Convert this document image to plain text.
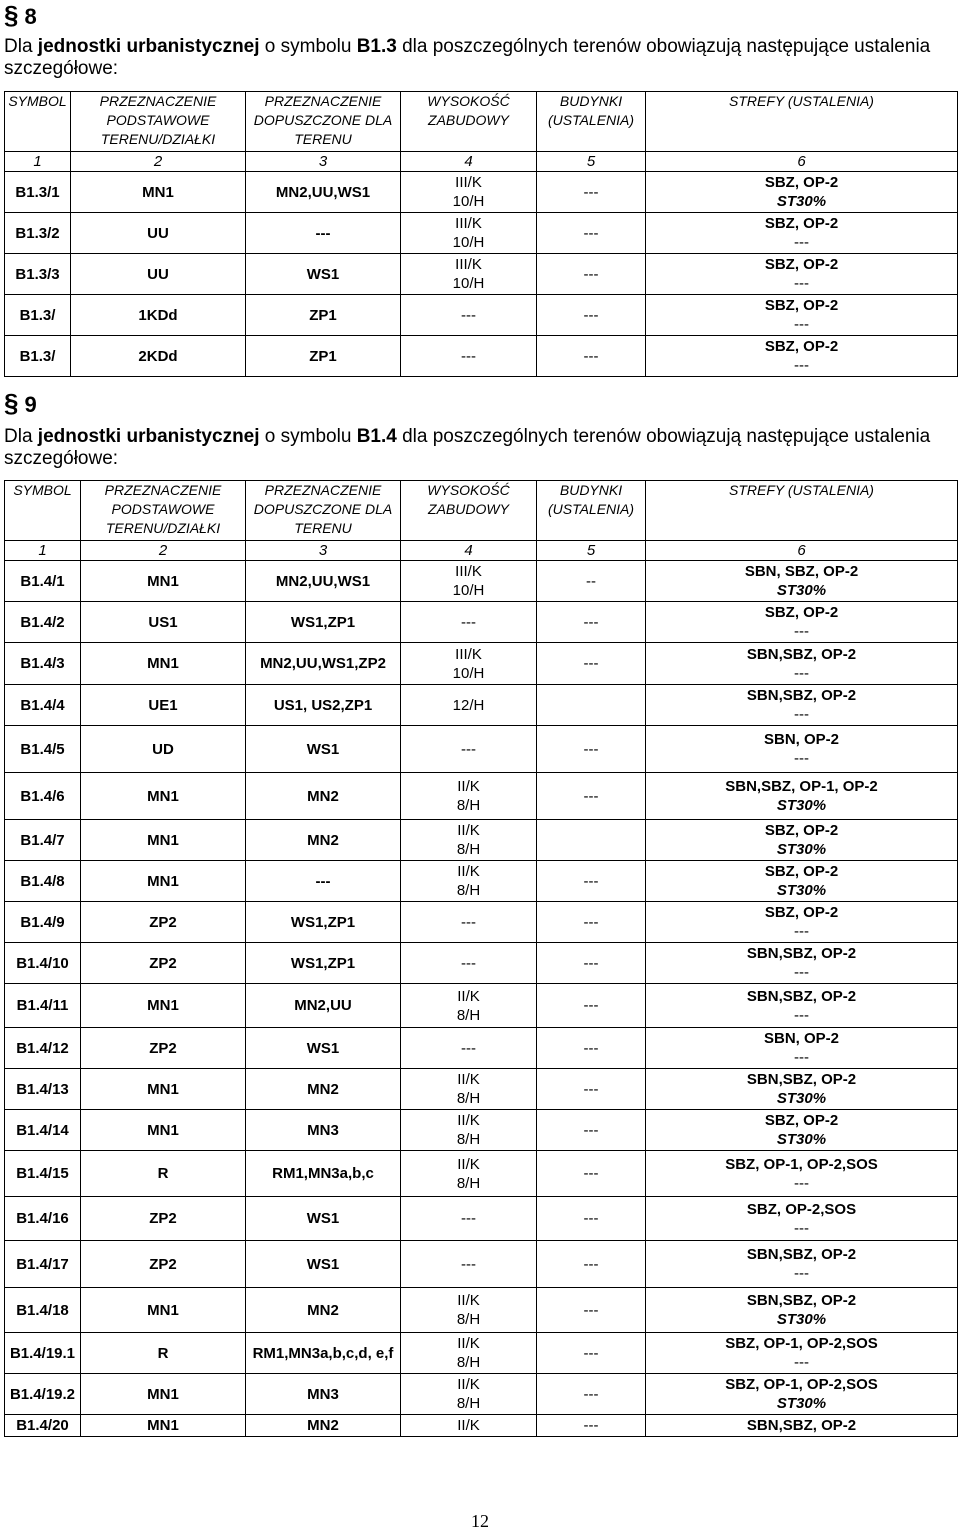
§ 8
Dla jednostki urbanistycznej o symbolu B1.3 dla poszczególnych terenów obowiązują następujące ustalenia szczegółowe:
SYMBOL	PRZEZNACZENIE
PODSTAWOWE
TERENU/DZIAŁKI	PRZEZNACZENIE
DOPUSZCZONE DLA
TERENU	WYSOKOŚĆ
ZABUDOWY	BUDYNKI
(USTALENIA)	STREFY (USTALENIA)
1	2	3	4	5	6
B1.3/1	MN1	MN2,UU,WS1	III/K
10/H	---	SBZ, OP-2
ST30%

B1.3/2	UU	---	III/K
10/H	---	SBZ, OP-2
---

B1.3/3	UU	WS1	III/K
10/H	---	SBZ, OP-2
---

B1.3/	1KDd	ZP1	---	---	SBZ, OP-2
---

B1.3/	2KDd	ZP1	---	---	SBZ, OP-2
---
§ 9
Dla jednostki urbanistycznej o symbolu B1.4 dla poszczególnych terenów obowiązują następujące ustalenia szczegółowe:
SYMBOL	PRZEZNACZENIE
PODSTAWOWE
TERENU/DZIAŁKI	PRZEZNACZENIE
DOPUSZCZONE DLA
TERENU	WYSOKOŚĆ
ZABUDOWY	BUDYNKI
(USTALENIA)	STREFY (USTALENIA)
1	2	3	4	5	6
B1.4/1	MN1	MN2,UU,WS1	III/K
10/H	--	SBN, SBZ, OP-2
ST30%

B1.4/2	US1	WS1,ZP1	---	---	SBZ, OP-2
---

B1.4/3	MN1	MN2,UU,WS1,ZP2	III/K
10/H	---	SBN,SBZ, OP-2
---

B1.4/4	UE1	US1, US2,ZP1	12/H		SBN,SBZ, OP-2
---

B1.4/5	UD	WS1	---	---	SBN, OP-2
---

B1.4/6	MN1	MN2	II/K
8/H	---	SBN,SBZ, OP-1, OP-2
ST30%

B1.4/7	MN1	MN2	II/K
8/H		SBZ, OP-2
ST30%

B1.4/8	MN1	---	II/K
8/H	---	SBZ, OP-2
ST30%

B1.4/9	ZP2	WS1,ZP1	---	---	SBZ, OP-2
---

B1.4/10	ZP2	WS1,ZP1	---	---	SBN,SBZ, OP-2
---

B1.4/11	MN1	MN2,UU	II/K
8/H	---	SBN,SBZ, OP-2
---

B1.4/12	ZP2	WS1	---	---	SBN, OP-2
---

B1.4/13	MN1	MN2	II/K
8/H	---	SBN,SBZ, OP-2
ST30%

B1.4/14	MN1	MN3	II/K
8/H	---	SBZ, OP-2
ST30%

B1.4/15	R	RM1,MN3a,b,c	II/K
8/H	---	SBZ, OP-1, OP-2,SOS
---

B1.4/16	ZP2	WS1	---	---	SBZ, OP-2,SOS
---

B1.4/17	ZP2	WS1	---	---	SBN,SBZ, OP-2
---

B1.4/18	MN1	MN2	II/K
8/H	---	SBN,SBZ, OP-2
ST30%

B1.4/19.1	R	RM1,MN3a,b,c,d, e,f	II/K
8/H	---	SBZ, OP-1, OP-2,SOS
---

B1.4/19.2	MN1	MN3	II/K
8/H	---	SBZ, OP-1, OP-2,SOS
ST30%

B1.4/20	MN1	MN2	II/K	---	SBN,SBZ, OP-2
12
